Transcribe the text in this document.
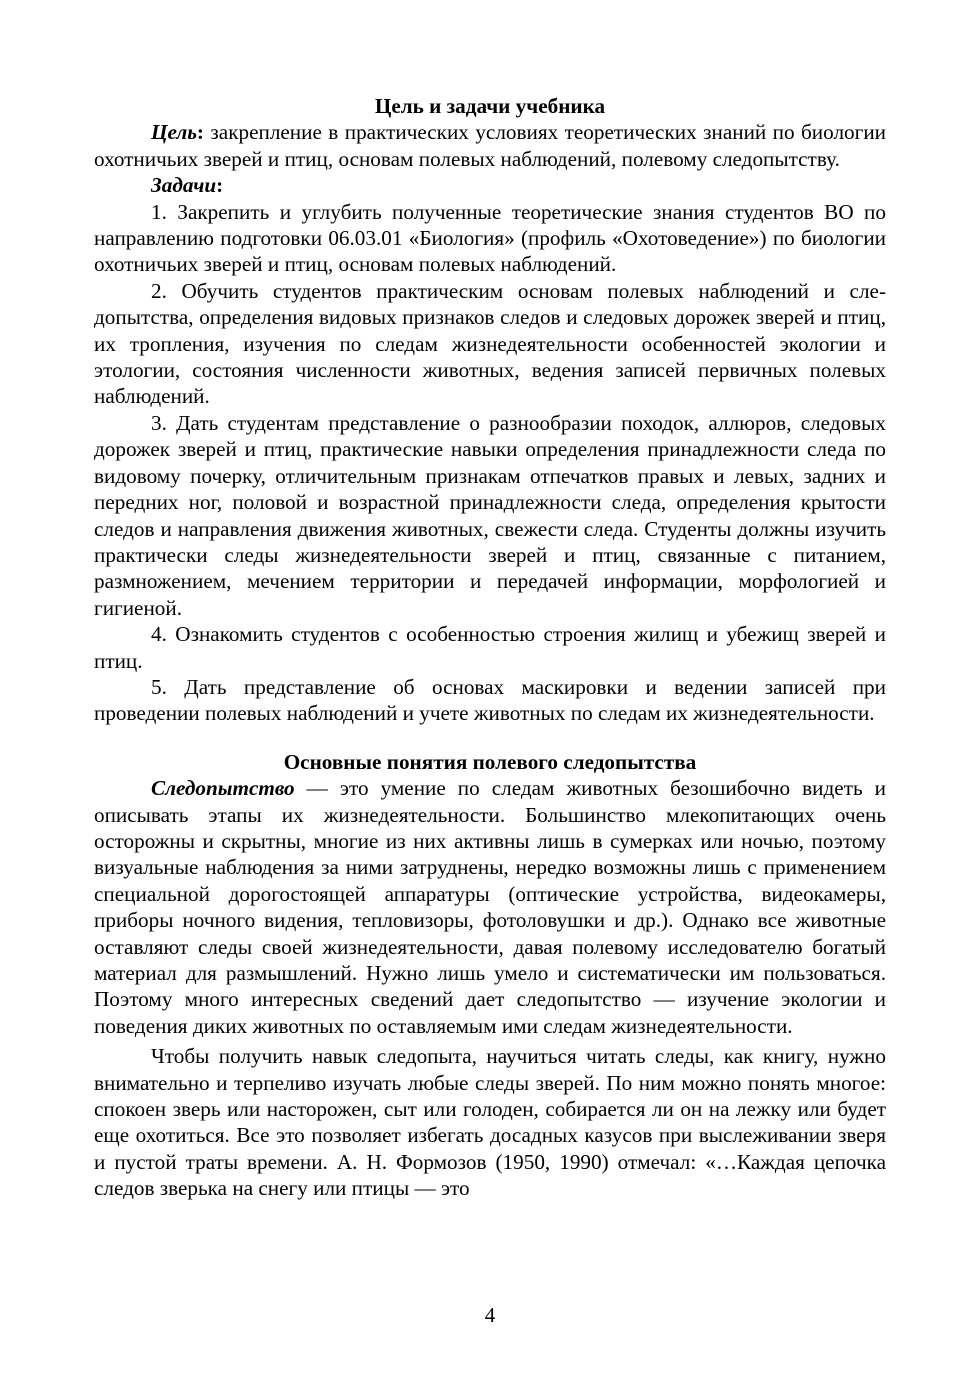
Цель и задачи учебника

Цель: закрепление в практических условиях теоретических знаний по биологии охотничьих зверей и птиц, основам полевых наблюдений, полевому следопытству.

Задачи:

1. Закрепить и углубить полученные теоретические знания студентов ВО по направлению подготовки 06.03.01 «Биология» (профиль «Охотоведение») по биологии охотничьих зверей и птиц, основам полевых наблюдений.

2. Обучить студентов практическим основам полевых наблюдений и следопытства, определения видовых признаков следов и следовых дорожек зверей и птиц, их тропления, изучения по следам жизнедеятельности особенностей экологии и этологии, состояния численности животных, ведения записей первичных полевых наблюдений.

3. Дать студентам представление о разнообразии походок, аллюров, следовых дорожек зверей и птиц, практические навыки определения принадлежности следа по видовому почерку, отличительным признакам отпечатков правых и левых, задних и передних ног, половой и возрастной принадлежности следа, определения крытости следов и направления движения животных, свежести следа. Студенты должны изучить практически следы жизнедеятельности зверей и птиц, связанные с питанием, размножением, мечением территории и передачей информации, морфологией и гигиеной.

4. Ознакомить студентов с особенностью строения жилищ и убежищ зверей и птиц.

5. Дать представление об основах маскировки и ведении записей при проведении полевых наблюдений и учете животных по следам их жизнедеятельности.

Основные понятия полевого следопытства

Следопытство — это умение по следам животных безошибочно видеть и описывать этапы их жизнедеятельности. Большинство млекопитающих очень осторожны и скрытны, многие из них активны лишь в сумерках или ночью, поэтому визуальные наблюдения за ними затруднены, нередко возможны лишь с применением специальной дорогостоящей аппаратуры (оптические устройства, видеокамеры, приборы ночного видения, тепловизоры, фотоловушки и др.). Однако все животные оставляют следы своей жизнедеятельности, давая полевому исследователю богатый материал для размышлений. Нужно лишь умело и систематически им пользоваться. Поэтому много интересных сведений дает следопытство — изучение экологии и поведения диких животных по оставляемым ими следам жизнедеятельности.

Чтобы получить навык следопыта, научиться читать следы, как книгу, нужно внимательно и терпеливо изучать любые следы зверей. По ним можно понять многое: спокоен зверь или насторожен, сыт или голоден, собирается ли он на лежку или будет еще охотиться. Все это позволяет избегать досадных казусов при выслеживании зверя и пустой траты времени. А. Н. Формозов (1950, 1990) отмечал: «…Каждая цепочка следов зверька на снегу или птицы — это

4
